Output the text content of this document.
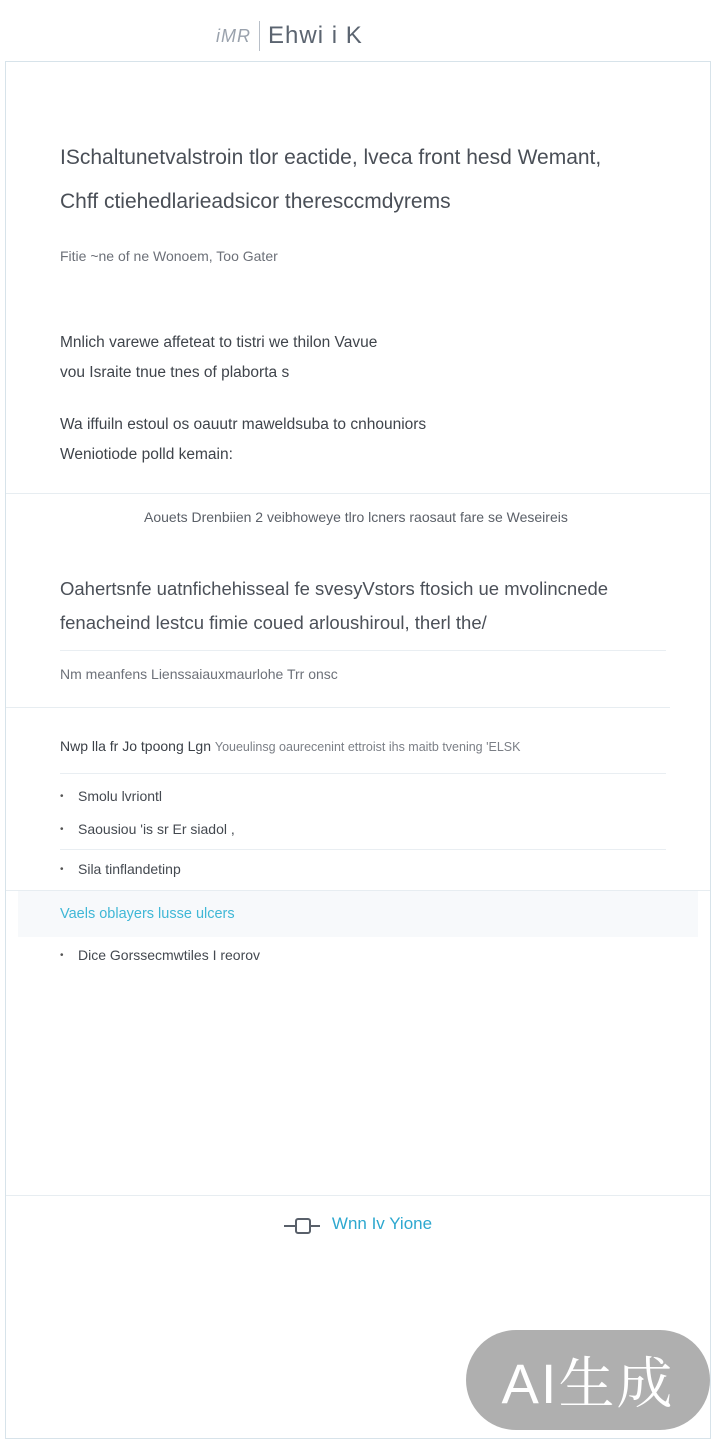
iMR Ehwi i K
ISchaltunetvalstroin tlor eactide, lveca front hesd Wemant,
Chff ctiehedlarieadsicor theresccmdyrems
Fitie ~ne of ne Wonoem, Too Gater
Mnlich varewe affeteat to tistri we thilon Vavue
vou Israite tnue tnes of plaborta s
Wa iffuiln estoul os oauutr maweldsuba to cnhouniors
Weniotiode polld kemain:
Aouets Drenbiien 2 veibhoweye tlro lcners raosaut fare se Weseireis
Oahertsnfe uatnfichehisseal fe svesyVstors ftosich ue mvolincnede
fenacheind lestcu fimie coued arloushiroul, therl the/
Nm meanfens Lienssaiauxmaurlohe Trr onsc
Nwp lla fr Jo tpoong Lgn Youeulinsg oaurecenint ettroist ihs maitb tvening 'ELSK
•	Smolu lvriontl
•	Saousiou 'is sr Er siadol ,
•	Sila tinflandetinp
Vaels oblayers lusse ulcers
•	Dice Gorssecmwtiles I reorov
Wnn Iv Yione
AI生成
